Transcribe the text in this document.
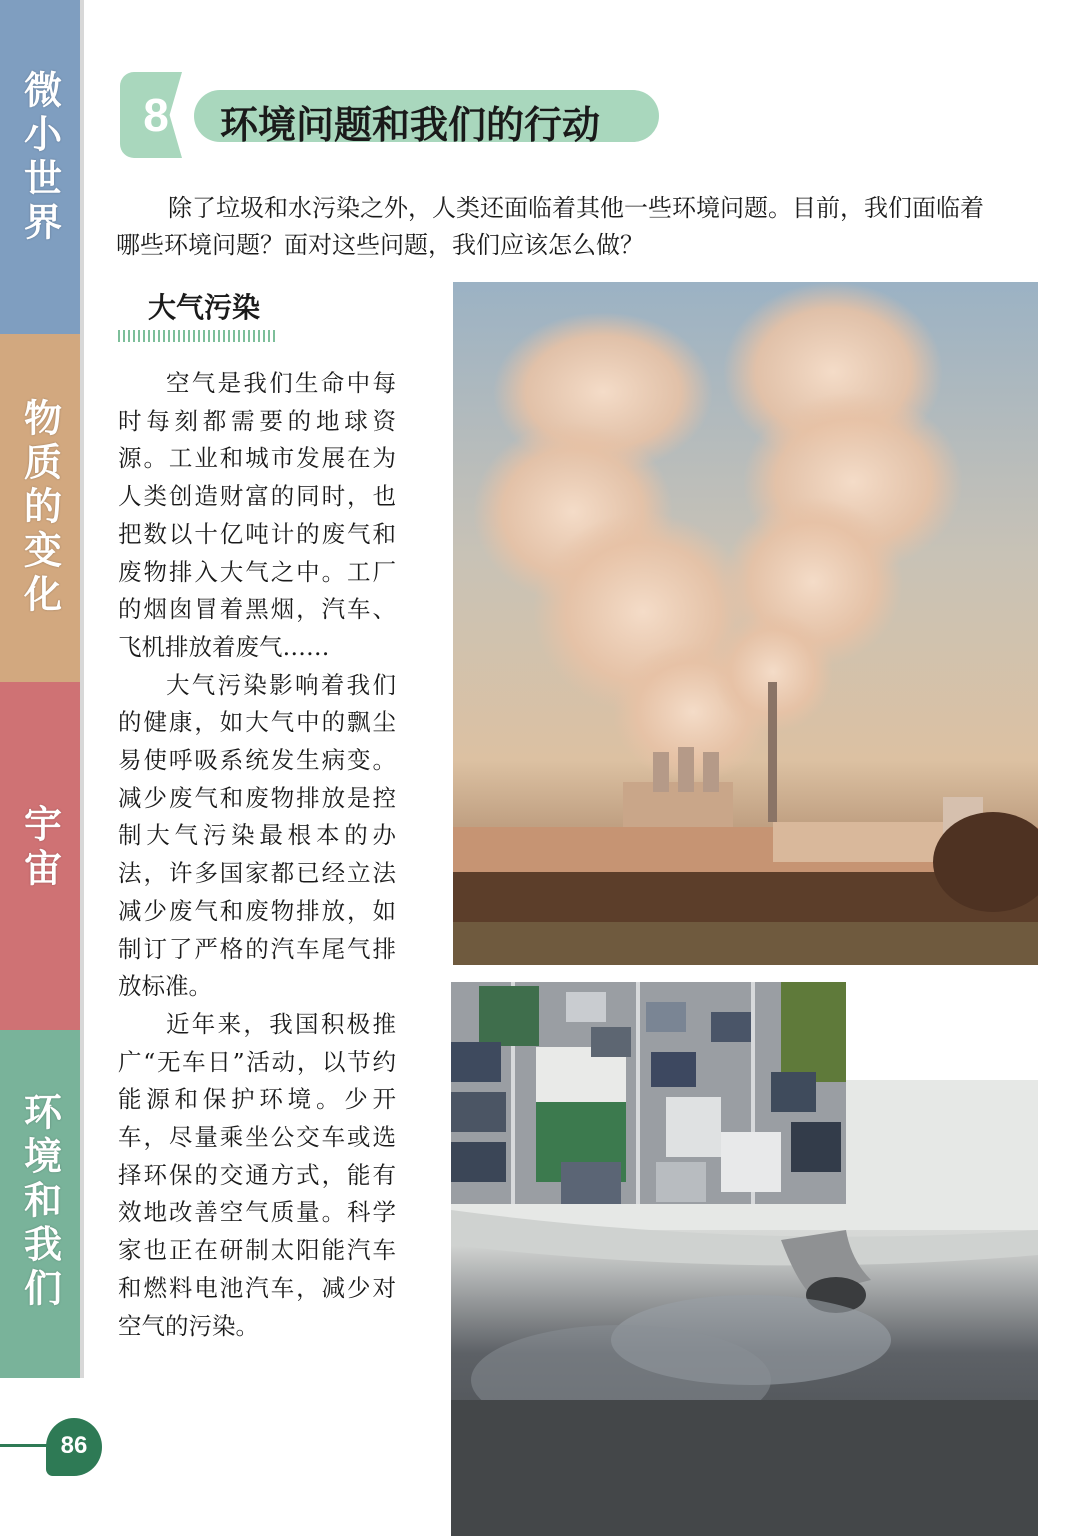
微小世界
物质的变化
宇宙
环境和我们
8	环境问题和我们的行动

除了垃圾和水污染之外，人类还面临着其他一些环境问题。目前，我们面临着哪些环境问题？面对这些问题，我们应该怎么做？

大气污染

空气是我们生命中每时每刻都需要的地球资源。工业和城市发展在为人类创造财富的同时，也把数以十亿吨计的废气和废物排入大气之中。工厂的烟囱冒着黑烟，汽车、飞机排放着废气……

大气污染影响着我们的健康，如大气中的飘尘易使呼吸系统发生病变。减少废气和废物排放是控制大气污染最根本的办法，许多国家都已经立法减少废气和废物排放，如制订了严格的汽车尾气排放标准。

近年来，我国积极推广“无车日”活动，以节约能源和保护环境。少开车，尽量乘坐公交车或选择环保的交通方式，能有效地改善空气质量。科学家也正在研制太阳能汽车和燃料电池汽车，减少对空气的污染。

86
